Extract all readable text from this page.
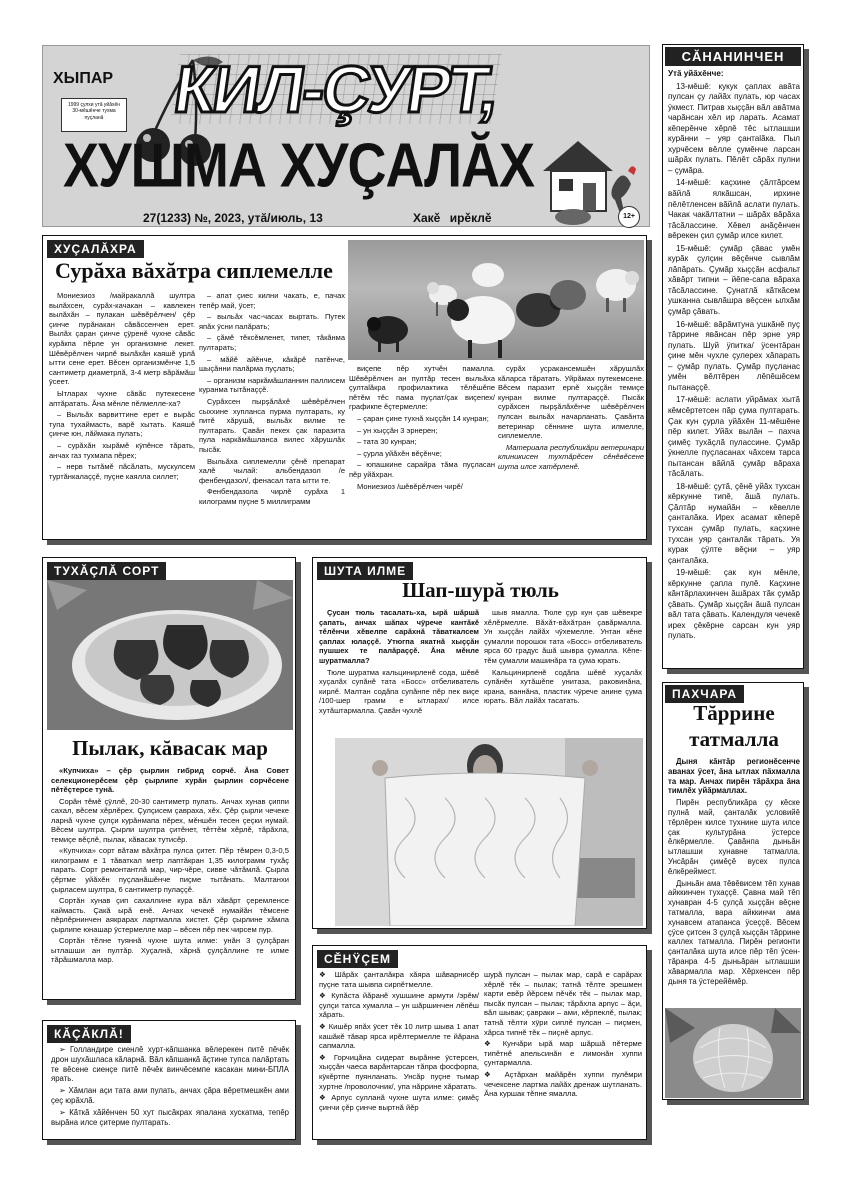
ХЫПАР
1999 çулхи утă уйăхěн 30-мěшěнче тухма пуçланă	КИЛ-ÇУРТ,
ХУШМА ХУÇАЛĂХ
27(1233) №, 2023, утă/июль, 13	Хакě ирěклě	12+
СĂНАНИНЧЕН

Утă уйăхěнче:

13-мěшě: кукук çаплах авăта пулсан çу лайăх пулать, юр часах ÿкмест. Питрав хыççăн вăл авăтма чарăнсан хěл ир ларать. Асамат кěперěнче хěрлě тěс ытлашши курăнни – уяр çантаlăка. Пыл хурчěсем вěлле çумěнче ларсан шăрăх пулать. Пěлěт сăрăх пулни – çумăра.

14-мěшě: каçхине çăлтăрсем вăйлă ялкăшсан, ирхине пěлěтленсен вăйлă аслати пулать. Чакак чакăлтатни – шăрăх вăрăха тăсăлассине. Хěвел анăçěнчен вěрекен çил çумăр илсе килет.

15-мěшě: çумăр çăвас умěн курăк çулçин вěçěнче сывлăм лăпăрать. Çумăр хыççăн асфальт хăвăрт типни – йěпе-сапа вăраха тăсăлассине. Çунатлă кăткăсем ушканна сывлăшра вěçсен ылхăм çумăр çăвать.

16-мěшě: вăрăмтуна ушкăнě пуç тăррине явăнсан пěр эрне уяр пулать. Шуй ÿпитка/ ÿсентăран çине мěн чухле çулерех хăпарать – çумăр пулать. Çумăр пуçланас умěн вěлтěрен лěпěшěсем пытанаççě.

17-мěшě: аслати уйрăмах хытă кěмсěртетсен пăр çума пултарать. Çак кун çурла уйăхěн 11-мěшěне пěр килет. Уйăх вылăн – пахча çимěç тухăçлă пулассине. Çумăр ÿкнелле пуçласанах чăхсем тарса пытансан вăйлă çумăр вăраха тăсăлать.

18-мěшě: çутă, çěнě уйăх тухсан кěркунне типě, ăшă пулать. Çăлтăр нумайăн – кěвелле çанталăка. Ирех асамат кěперě тухсан çумăр пулать, каçхине тухсан уяр çанталăк тăрать. Уя курак çÿлте вěçни – уяр çанталăка.

19-мěшě: çак кун мěнле, кěркунне çапла пулě. Каçхине кăнтăрлахинчен ăшăрах тăк çумăр çăвать. Çумăр хыççăн ăшă пулсан вăл тата çăвать. Календуля чечекě ирех çěкěрне сарсан кун уяр пулать.

ХУÇАЛĂХРА
Сурăха вăхăтра сиплемелле

Мониезиоз /майракаллă шултра вылăхсен, сурăх-качакан – кавлекен вылăхăн – пулакан шěвěрěлчен/ çěр çинче пурăнакан сăвăссенчен ерет. Вылăх çаран çинче çÿренě чухне сăвăс курăкпа пěрле ун организмне лекет. Шěвěрěлчен чирлě вылăхăн каяшě урлă ытти сене ерет. Вěсен организмěнче 1,5 сантиметр диаметрлă, 3-4 метр вăрăмăш ÿсеет.

Ытларах чухне сăвăс путекесене аптăратать. Ăна мěнле пěлмелле-ха?

– Выльăх варвиттине ерет е вырăс тупа тухаймасть, варě хытать. Каяшě çинче юн, лăймака пулать;

– сурăхăн хырăмě кÿпěнсе тăрать, анчах газ тухмапа пěрех;

– нерв тытăмě пăсăлать, мускулсем туртăнкалаççě, пуçне каялла силлет;

– апат çиес килни чакать, е, пачах тепěр май, ÿсет;

– выльăх час-часах выртать. Путек япăх ÿсни палăрать;

– çăмě тěксěмленет, типет, тăкăнма пултарать;

– мăйě айěнче, кăкăрě патěнче, шыçăнни палăрма пуçлать;

– организм наркăмăшланнин паллисем куранма тытăнаççě.

Сурăхсен пырşăлăхě шěвěрěлчен сыххине хупланса пурма пултарать, ку питě хăрушă, выльăх вилме те пултарать. Çавăн пекех çак паразита пула наркăмăшланса вилес хăрушлăх пысăк.

Выльăха сиплемелли çěнě препарат халě чылай: альбендазол /е фенбендазол/, фенасал тата ытти те.

Фенбендазола чирлě сурăха 1 килограмм пуçне 5 миллиграмм

виçепе пěр хутчěн памалла. Шěвěрěлчен ан пултăр тесен выльăха çултаlăкра профилактика тěлěшěпе пěтěм тěс пама пуçлат/çак виçепех/ графикпе ěçтермелле:

– çаран çине тухнă хыççăн 14 кунран;

– ун хыççăн 3 эрнерен;

– тата 30 кунран;

– çурла уйăхěн вěçěнче;

– юпашкине сарайра тăма пуçласан пěр уйăхран.

Мониезиоз /шěвěрěлчен чирě/

сурăх усраканcемшěн хăрушлăх кăларса тăратать. Уйрăмах путекемсене. Вěсем паразит ерně хыççăн темиçе кунран вилме пултараççě. Пысăк сурăхсен пырşăлăхěнче шěвěрěлчен пулсан выльăх начарланать. Çавăнта ветеринар сěннине шута илмелле, сиплемелле.

Материала республикăри ветеринари клиникисен тухтăрěсен сěнěвěсене шута илсе хатěрленě.

ТУХĂÇЛĂ СОРТ
Пылак, кăвасак мар

«Купчиха» – çěр çырлин гибрид сорчě. Ăна Совет селекционерěсем çěр çырлипе хурăн çырлин сорчěсене пěтěçтерсе тунă.

Сорăн тěмě çÿллě, 20-30 сантиметр пулать. Анчах хунав çиппи сахал, вěсем хěрлěрех. Çулçисем çавраха, хěх. Çěр çырли чечеке ларнă чухне çулçи курăнмапа пěрех, мěншěн тесен çеçки нумай. Вěсем шултра. Çырли шултра çитěнет, тěттěм хěрлě, тăрăхла, темиçе вěçлě, пылак, кăвасак тутисěр.

«Купчиха» сорт вăтам вăхăтра пулса çитет. Пěр тěмрен 0,3-0,5 килограмм е 1 тăваткал метр лаптăкран 1,35 килограмм тухăç парать. Сорт ремонтантлă мар, чир-чěре, сивве чăтăмлă. Çырла çěртме уйăхěн пуçланăшěнче пиçме тытăнать. Малтанхи çырласем шултра, 6 сантиметр пулаççě.

Сортăн хунав çип сахаллине кура вăл хăвăрт çеремленсе каймасть. Çакă ырă енě. Анчах чечекě нумайăн тěмсене пěрлěрнинчен аякрарах лартмалла хистет. Çěр çырлине хăмла çырлипе юнашар ÿстермелле мар – вěсен пěр пек чирсем пур.

Сортăн тěлне туяннă чухне шута илме: унăн 3 çулçăран ытлашши ан пултăр. Хуçалнă, хăрнă çулçăллине те илме тăрăшмалла мар.

ШУТА ИЛМЕ
Шап-шурă тюль

Çусан тюль тасалать-ха, ырă шăршă çапать, анчах шăпах чÿрече кантăкě тěлěнчи хěвелпе сарăхнă тăваткалсем çаплах юлаççě. Утюгпа якатнă хыççăн пушшех те палăраççě. Ăна мěнле шуратмалла?

Тюле шуратма кальцинирленě сода, шěвě хуçалăх супăнě тата «Босс» отбеливатель кирлě. Малтан содăпа супăнпе пěр пек виçе /100-шер грамм е ытларах/ илсе хутăштармалла. Çавăн чухлě

шыв ямалла. Тюле çур кун çав шěвекре хěлěрмелле. Вăхăт-вăхăтран çавăрмалла. Ун хыççăн лайăх чÿхемелле. Унтан кěне çумалли порошок тата «Босс» отбеливатель ярса 60 градус ăшă шывра çумалла. Кěпе-тěм çумалли машинăра та çума юрать.

Кальцинирленě содăпа шěвě хуçалăх супăнěн хутăшěпе унитаза, раковинăна, крана, ваннăна, пластик чÿрече анине çума юрать. Вăл лайăх тасатать.	ПАХЧАРА
Тăррине
татмалла

Дыня кăнтăр регионěсенче аванах ÿсет, ăна ытлах пăхмалла та мар. Анчах пирěн тăрăхра ăна тимлěх уйăрмаллах.

Пирěн республикăра çу кěске пулнă май, çанталăк условийě тěрлěрен килсе тухнине шута илсе çак культурăна ÿстерсе ěлкěрмелле. Çавăнпа дыньăн ытлашши хунавне татмалла. Унсăрăн çимěçě вусех пулса ěлкěреймест.

Дыньăн ама тěвěвисем тěп хунав айккинчен тухаççě. Çавна май тěп хунавран 4-5 çулçă хыççăн вěçне татмалла, вара айккинчи ама хунавсем атапанса ÿсеççě. Вěсем çÿсе çитсен 3 çулçă хыççăн тăррине каллех татмалла. Пирěн регионти çанталăка шута илсе пěр тěп ÿсен-тăранра 4-5 дыньăран ытлашши хăвармалла мар. Хěрхенсен пěр дыня та ÿстерейěмěр.

СĚНŸÇЕМ

❖ Шăрăх çанталăкра хăяра шăварнисěр пуçне тата шывпа сирпěтмелле.

❖ Купăста йăранě хушшине армути /эрěм/ çулçи татса хумалла – ун шăршинчен лěпěш хăрать.

❖ Кишěр япăх ÿсет тěк 10 литр шыва 1 апат кашăкě тăвар ярса ирěлтермелле те йăрана сапмалла.

❖ Горчицăна сидерат вырăнне ÿстерсен, хыççăн чаеса варăнтарсан тăпра фосфорпа, кÿкěртпе пуянланать. Унсăр пуçне тымар хуртне /проволочник/, упа нăррине хăратать.

❖ Арпус сулланă чухне шута илме: çимěç çинчи çěр çинче выртнă йěр

шурă пулсан – пылак мар, сарă е сарăрах хěрлě тěк – пылак; татнă тěлте эрешмен карти евěр йěрсем пěчěк тěк – пылак мар, пысăк пулсан – пылак; тăрăхла арпус – ăçи, вăл шывак; çавраки – ами, кěрпеклě, пылак; татнă тěлти хÿри сиплě пулсан – пиçмен, хăрса типнě тěк – пиçнě арпус.

❖ Кунчăри ырă мар шăршă пěтермe типěтнě апельсинăн е лимонăн хуппи çунтармалла.

❖ Аçтăрхан майăрěн хуппи пулěмри чечексене лартма лайăх дренаж шутланать. Ăна куршак тěпне ямалла.

КĂÇĂКЛĂ!

➢ Голландире сиенлě хурт-кăпшанка вěлерекен питě пěчěк дрон шухăшласа кăларнă. Вăл кăпшанкă ăçтине тупса палăртать те вěсене сиенçе питě пěчěк винчěсемпе касакан мини-БПЛА ярать.

➢ Хăмлан аçи тата ами пулать, анчах çăра вěретмешкěн ами çеç юрăхлă.

➢ Кăткă хăйěнчен 50 хут пысăкрах япалана хускатма, тепěр вырăна илсе çитерме пултарать.
